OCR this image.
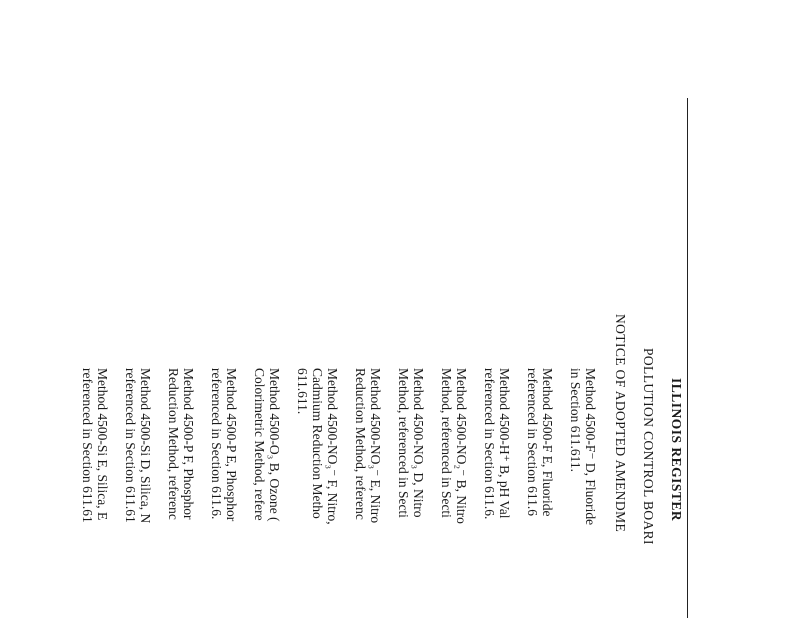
ILLINOIS REGISTER
POLLUTION CONTROL BOARI
NOTICE OF ADOPTED AMENDME

Method 4500-F⁻ D, Fluoride
in Section 611.611.

Method 4500-F E, Fluoride
referenced in Section 611.6

Method 4500-H⁺ B, pH Val
referenced in Section 611.6.

Method 4500-NO₂⁻ B, Nitro
Method, referenced in Secti

Method 4500-NO₃ D, Nitro
Method, referenced in Secti

Method 4500-NO₃⁻ E, Nitro
Reduction Method, referenc

Method 4500-NO₃⁻ F, Nitro,
Cadmium Reduction Metho
611.611.

Method 4500-O₃ B, Ozone (
Colorimetric Method, refere

Method 4500-P E, Phosphor
referenced in Section 611.6.

Method 4500-P F, Phosphor
Reduction Method, referenc

Method 4500-Si D, Silica, N
referenced in Section 611.61

Method 4500-Si E, Silica, E
referenced in Section 611.61
